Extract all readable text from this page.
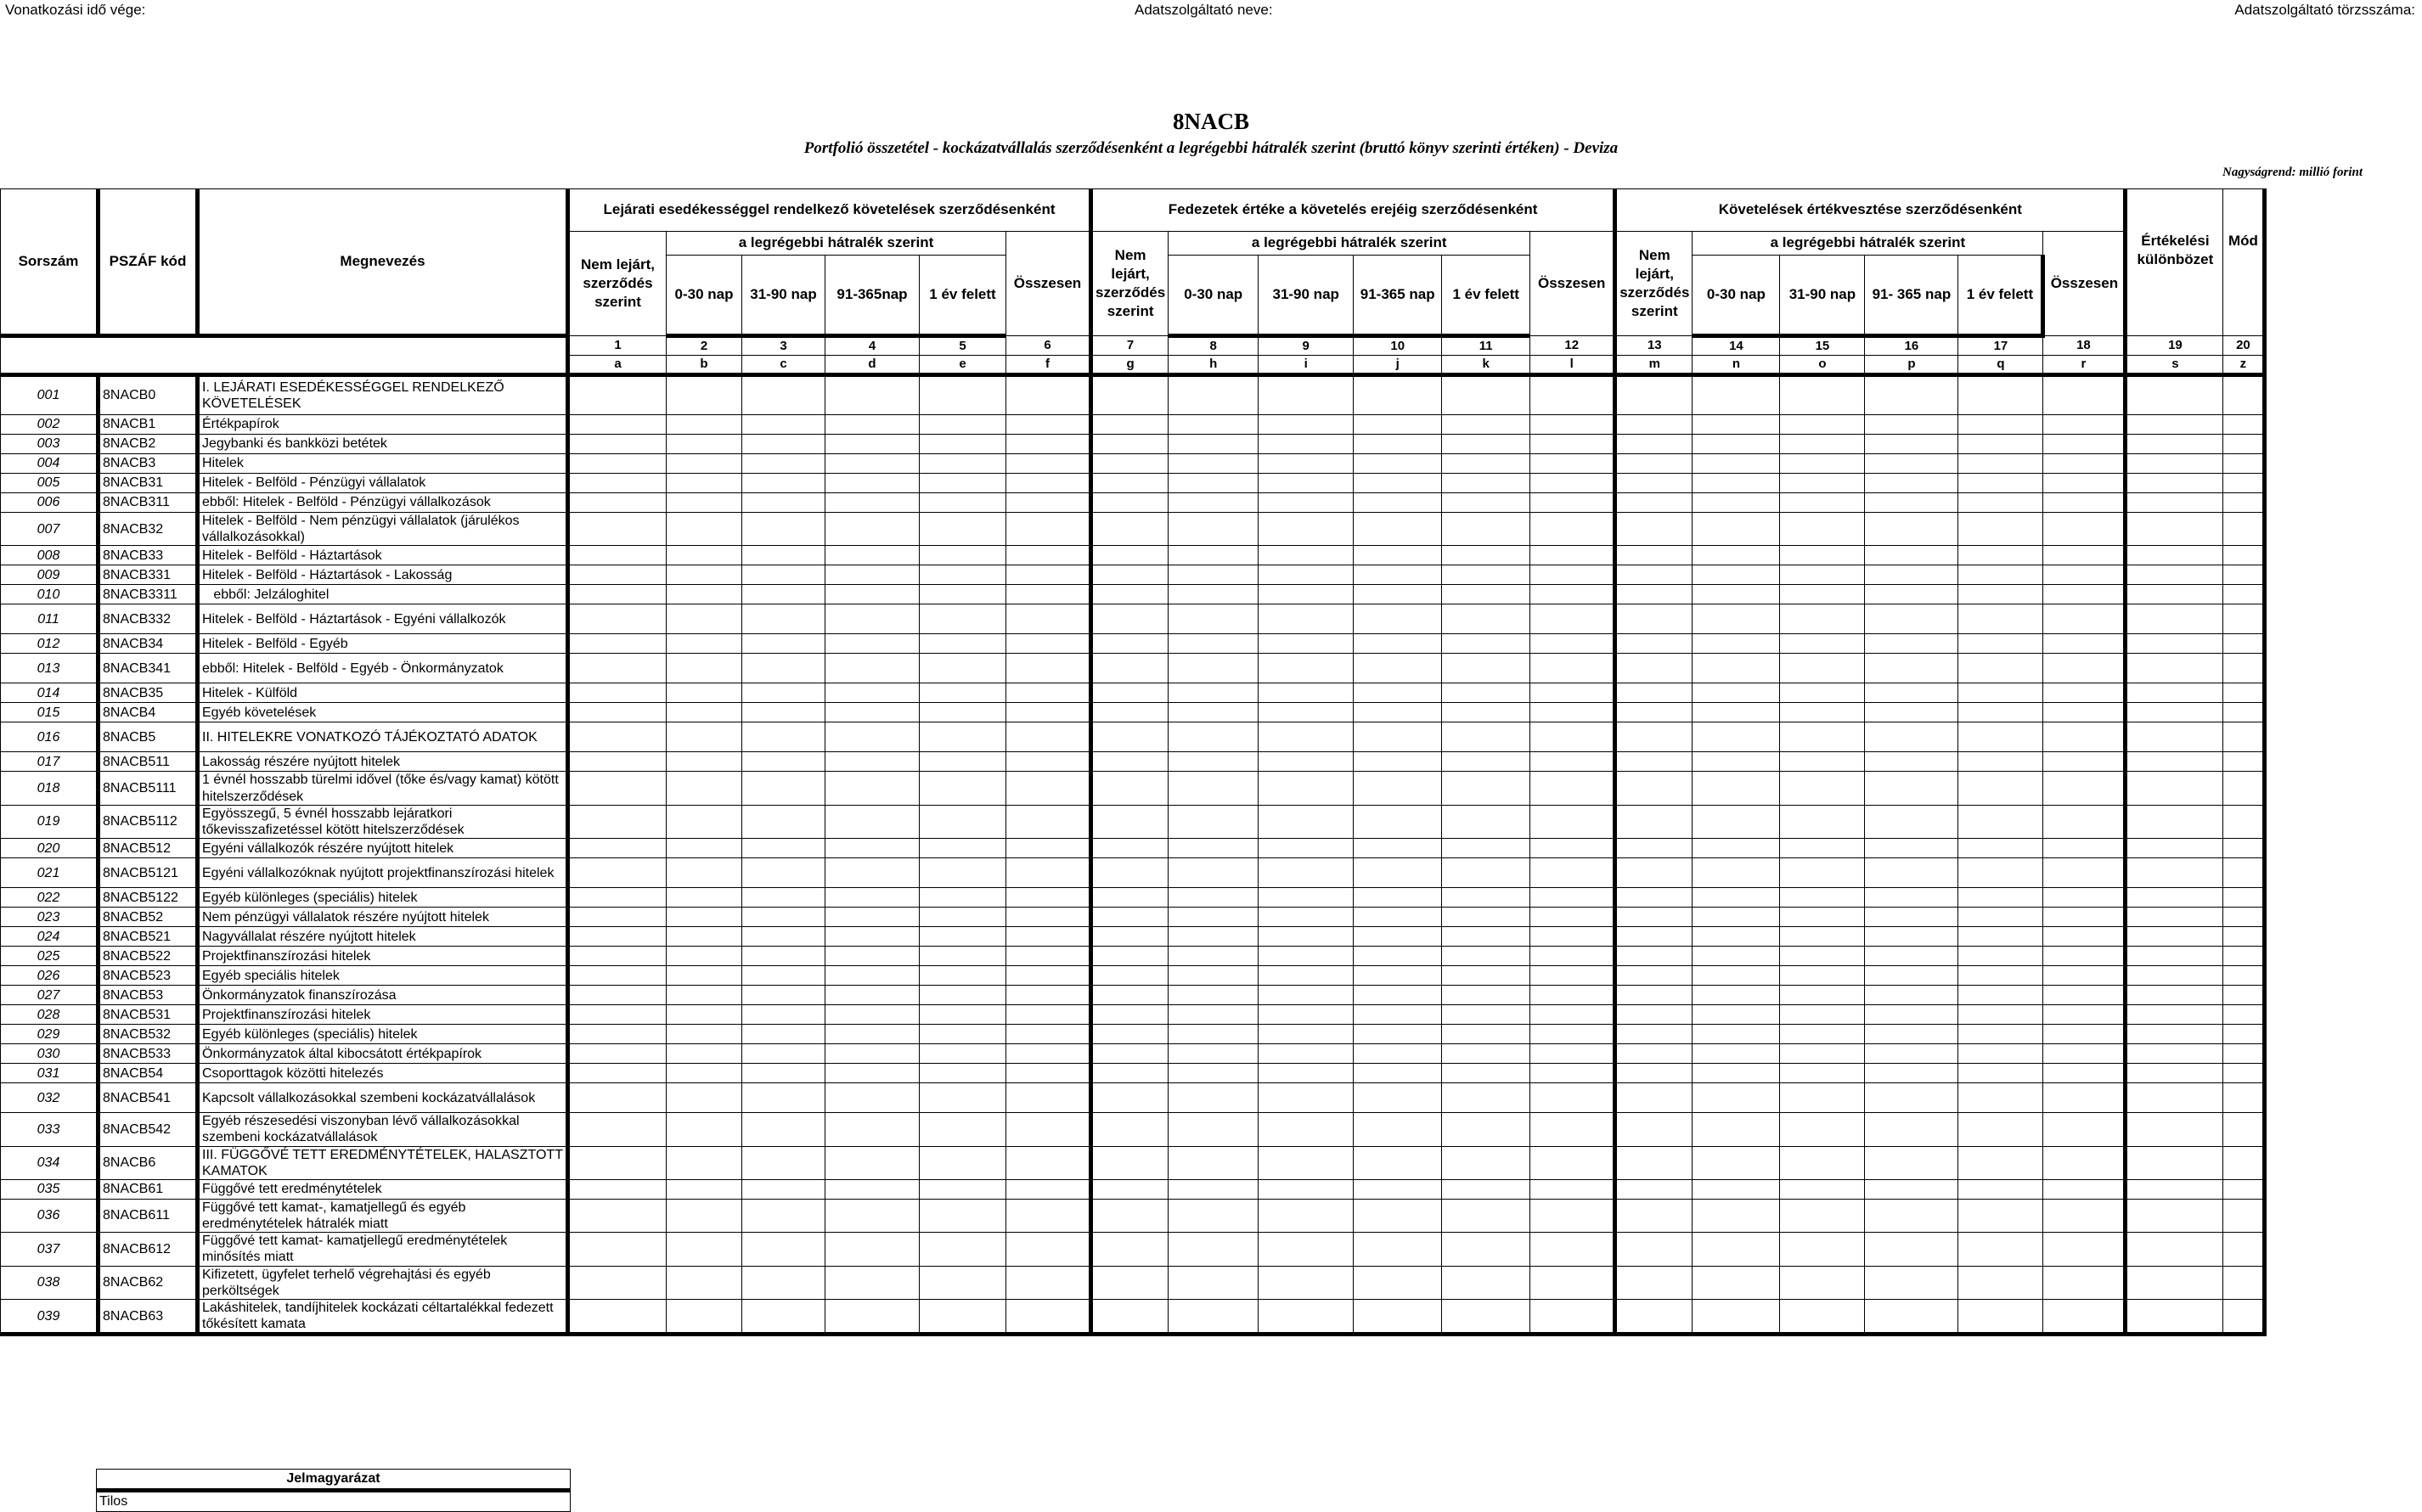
Vonatkozási idő vége:	Adatszolgáltató neve:	Adatszolgáltató törzsszáma:
8NACB
Portfolió összetétel - kockázatvállalás szerződésenként a legrégebbi hátralék szerint (bruttó könyv szerinti értéken) - Deviza
Nagyságrend: millió forint
Sorszám	PSZÁF kód	Megnevezés	Lejárati esedékességgel rendelkező követelések szerződésenként						Fedezetek értéke a követelés erejéig szerződésenként						Követelések értékvesztése szerződésenként						Értékelési különbözet	Mód
			Nem lejárt, szerződés szerint	a legrégebbi hátralék szerint				Összesen	Nem lejárt, szerződés szerint	a legrégebbi hátralék szerint				Összesen	Nem lejárt, szerződés szerint	a legrégebbi hátralék szerint				Összesen		
				0-30 nap	31-90 nap	91-365nap	1 év felett			0-30 nap	31-90 nap	91-365 nap	1 év felett			0-30 nap	31-90 nap	91- 365 nap	1 év felett			
			1	2	3	4	5	6	7	8	9	10	11	12	13	14	15	16	17	18	19	20
			a	b	c	d	e	f	g	h	i	j	k	l	m	n	o	p	q	r	s	z
001	8NACB0	I. LEJÁRATI ESEDÉKESSÉGGEL RENDELKEZŐ KÖVETELÉSEK																				
002	8NACB1	Értékpapírok																				
003	8NACB2	Jegybanki és bankközi betétek																				
004	8NACB3	Hitelek																				
005	8NACB31	Hitelek - Belföld - Pénzügyi vállalatok																				
006	8NACB311	ebből: Hitelek - Belföld - Pénzügyi vállalkozások																				
007	8NACB32	Hitelek - Belföld - Nem pénzügyi vállalatok (járulékos vállalkozásokkal)																				
008	8NACB33	Hitelek - Belföld - Háztartások																				
009	8NACB331	Hitelek - Belföld - Háztartások - Lakosság																				
010	8NACB3311	ebből: Jelzáloghitel																				
011	8NACB332	Hitelek - Belföld - Háztartások - Egyéni vállalkozók																				
012	8NACB34	Hitelek - Belföld - Egyéb																				
013	8NACB341	ebből: Hitelek - Belföld - Egyéb - Önkormányzatok																				
014	8NACB35	Hitelek - Külföld																				
015	8NACB4	Egyéb követelések																				
016	8NACB5	II. HITELEKRE VONATKOZÓ TÁJÉKOZTATÓ ADATOK																				
017	8NACB511	Lakosság részére nyújtott hitelek																				
018	8NACB5111	1 évnél hosszabb türelmi idővel (tőke és/vagy kamat) kötött hitelszerződések																				
019	8NACB5112	Egyösszegű, 5 évnél hosszabb lejáratkori tőkevisszafizetéssel kötött hitelszerződések																				
020	8NACB512	Egyéni vállalkozók részére nyújtott hitelek																				
021	8NACB5121	Egyéni vállalkozóknak nyújtott projektfinanszírozási hitelek																				
022	8NACB5122	Egyéb különleges (speciális) hitelek																				
023	8NACB52	Nem pénzügyi vállalatok részére nyújtott hitelek																				
024	8NACB521	Nagyvállalat részére nyújtott hitelek																				
025	8NACB522	Projektfinanszírozási hitelek																				
026	8NACB523	Egyéb speciális hitelek																				
027	8NACB53	Önkormányzatok finanszírozása																				
028	8NACB531	Projektfinanszírozási hitelek																				
029	8NACB532	Egyéb különleges (speciális) hitelek																				
030	8NACB533	Önkormányzatok által kibocsátott értékpapírok																				
031	8NACB54	Csoporttagok közötti hitelezés																				
032	8NACB541	Kapcsolt vállalkozásokkal szembeni kockázatvállalások																				
033	8NACB542	Egyéb részesedési viszonyban lévő vállalkozásokkal szembeni kockázatvállalások																				
034	8NACB6	III. FÜGGŐVÉ TETT EREDMÉNYTÉTELEK, HALASZTOTT KAMATOK																				
035	8NACB61	Függővé tett eredménytételek																				
036	8NACB611	Függővé tett kamat-, kamatjellegű és egyéb eredménytételek hátralék miatt																				
037	8NACB612	Függővé tett kamat- kamatjellegű eredménytételek minősítés miatt																				
038	8NACB62	Kifizetett, ügyfelet terhelő végrehajtási és egyéb perköltségek																				
039	8NACB63	Lakáshitelek, tandíjhitelek kockázati céltartalékkal fedezett tőkésített kamata																				
Jelmagyarázat
Tilos
